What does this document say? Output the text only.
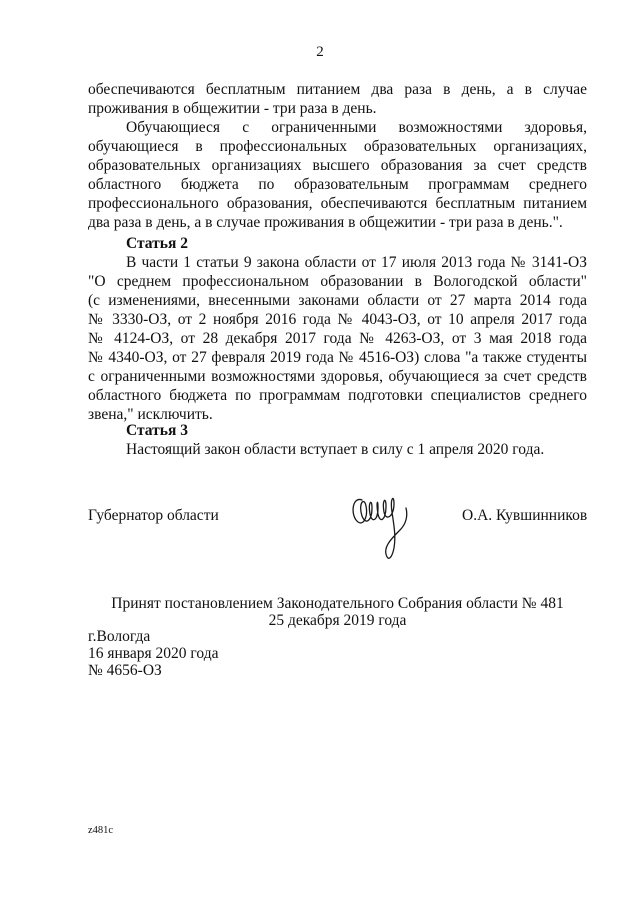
2
обеспечиваются бесплатным питанием два раза в день, а в случае
проживания в общежитии - три раза в день.
Обучающиеся с ограниченными возможностями здоровья,
обучающиеся в профессиональных образовательных организациях,
образовательных организациях высшего образования за счет средств
областного бюджета по образовательным программам среднего
профессионального образования, обеспечиваются бесплатным питанием
два раза в день, а в случае проживания в общежитии - три раза в день.".
Статья 2
В части 1 статьи 9 закона области от 17 июля 2013 года № 3141-ОЗ
"О среднем профессиональном образовании в Вологодской области"
(с изменениями, внесенными законами области от 27 марта 2014 года
№ 3330-ОЗ, от 2 ноября 2016 года № 4043-ОЗ, от 10 апреля 2017 года
№ 4124-ОЗ, от 28 декабря 2017 года № 4263-ОЗ, от 3 мая 2018 года
№ 4340-ОЗ, от 27 февраля 2019 года № 4516-ОЗ) слова "а также студенты
с ограниченными возможностями здоровья, обучающиеся за счет средств
областного бюджета по программам подготовки специалистов среднего
звена," исключить.
Статья 3
Настоящий закон области вступает в силу с 1 апреля 2020 года.
Губернатор области	О.А. Кувшинников
Принят постановлением Законодательного Собрания области № 481
25 декабря 2019 года
г.Вологда
16 января 2020 года
№ 4656-ОЗ
z481c
